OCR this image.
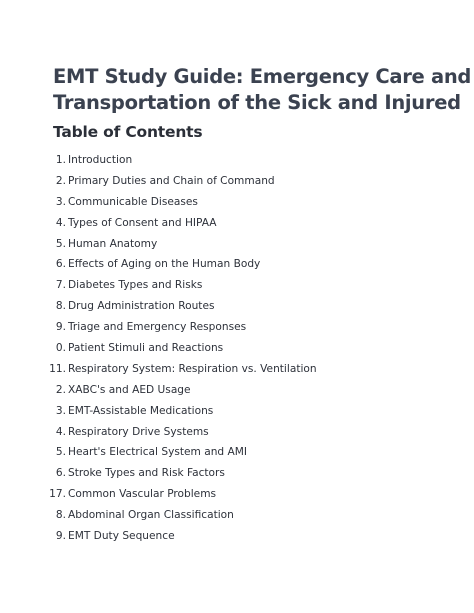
EMT Study Guide: Emergency Care and
Transportation of the Sick and Injured
Table of Contents
1. Introduction
2. Primary Duties and Chain of Command
3. Communicable Diseases
4. Types of Consent and HIPAA
5. Human Anatomy
6. Effects of Aging on the Human Body
7. Diabetes Types and Risks
8. Drug Administration Routes
9. Triage and Emergency Responses
0. Patient Stimuli and Reactions
11. Respiratory System: Respiration vs. Ventilation
2. XABC's and AED Usage
3. EMT-Assistable Medications
4. Respiratory Drive Systems
5. Heart's Electrical System and AMI
6. Stroke Types and Risk Factors
17. Common Vascular Problems
8. Abdominal Organ Classification
9. EMT Duty Sequence
